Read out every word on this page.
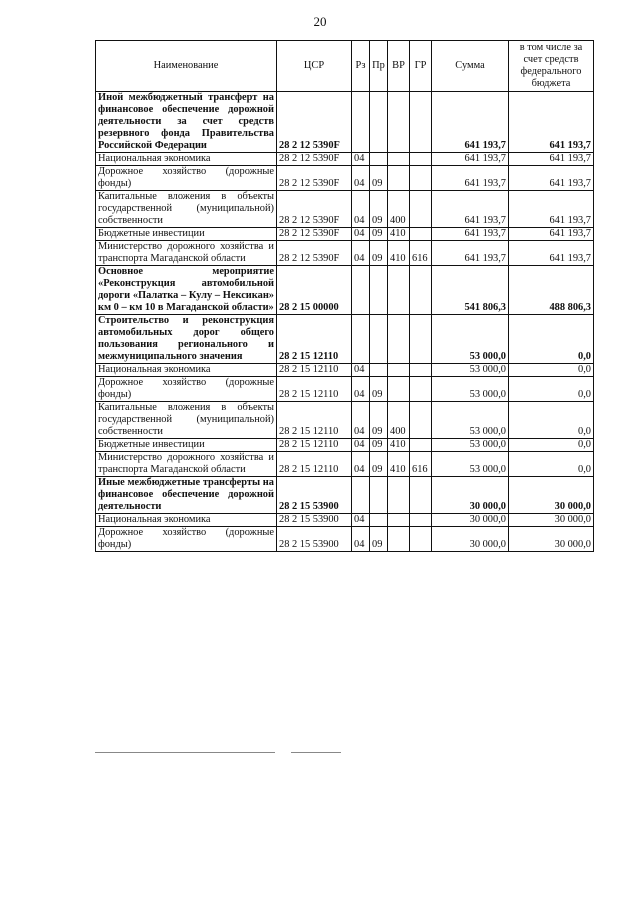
20
Наименование	ЦСР	Рз	Пр	ВР	ГР	Сумма	в том числе за счет средств федерального бюджета
Иной межбюджетный трансферт на финансовое обеспечение дорожной деятельности за счет средств резервного фонда Правительства Российской Федерации	28 2 12 5390F					641 193,7	641 193,7
Национальная экономика	28 2 12 5390F	04				641 193,7	641 193,7
Дорожное хозяйство (дорожные фонды)	28 2 12 5390F	04	09			641 193,7	641 193,7
Капитальные вложения в объекты государственной (муниципальной) собственности	28 2 12 5390F	04	09	400		641 193,7	641 193,7
Бюджетные инвестиции	28 2 12 5390F	04	09	410		641 193,7	641 193,7
Министерство дорожного хозяйства и транспорта Магаданской области	28 2 12 5390F	04	09	410	616	641 193,7	641 193,7
Основное мероприятие «Реконструкция автомобильной дороги «Палатка – Кулу – Нексикан» км 0 – км 10 в Магаданской области»	28 2 15 00000					541 806,3	488 806,3
Строительство и реконструкция автомобильных дорог общего пользования регионального и межмуниципального значения	28 2 15 12110					53 000,0	0,0
Национальная экономика	28 2 15 12110	04				53 000,0	0,0
Дорожное хозяйство (дорожные фонды)	28 2 15 12110	04	09			53 000,0	0,0
Капитальные вложения в объекты государственной (муниципальной) собственности	28 2 15 12110	04	09	400		53 000,0	0,0
Бюджетные инвестиции	28 2 15 12110	04	09	410		53 000,0	0,0
Министерство дорожного хозяйства и транспорта Магаданской области	28 2 15 12110	04	09	410	616	53 000,0	0,0
Иные межбюджетные трансферты на финансовое обеспечение дорожной деятельности	28 2 15 53900					30 000,0	30 000,0
Национальная экономика	28 2 15 53900	04				30 000,0	30 000,0
Дорожное хозяйство (дорожные фонды)	28 2 15 53900	04	09			30 000,0	30 000,0
